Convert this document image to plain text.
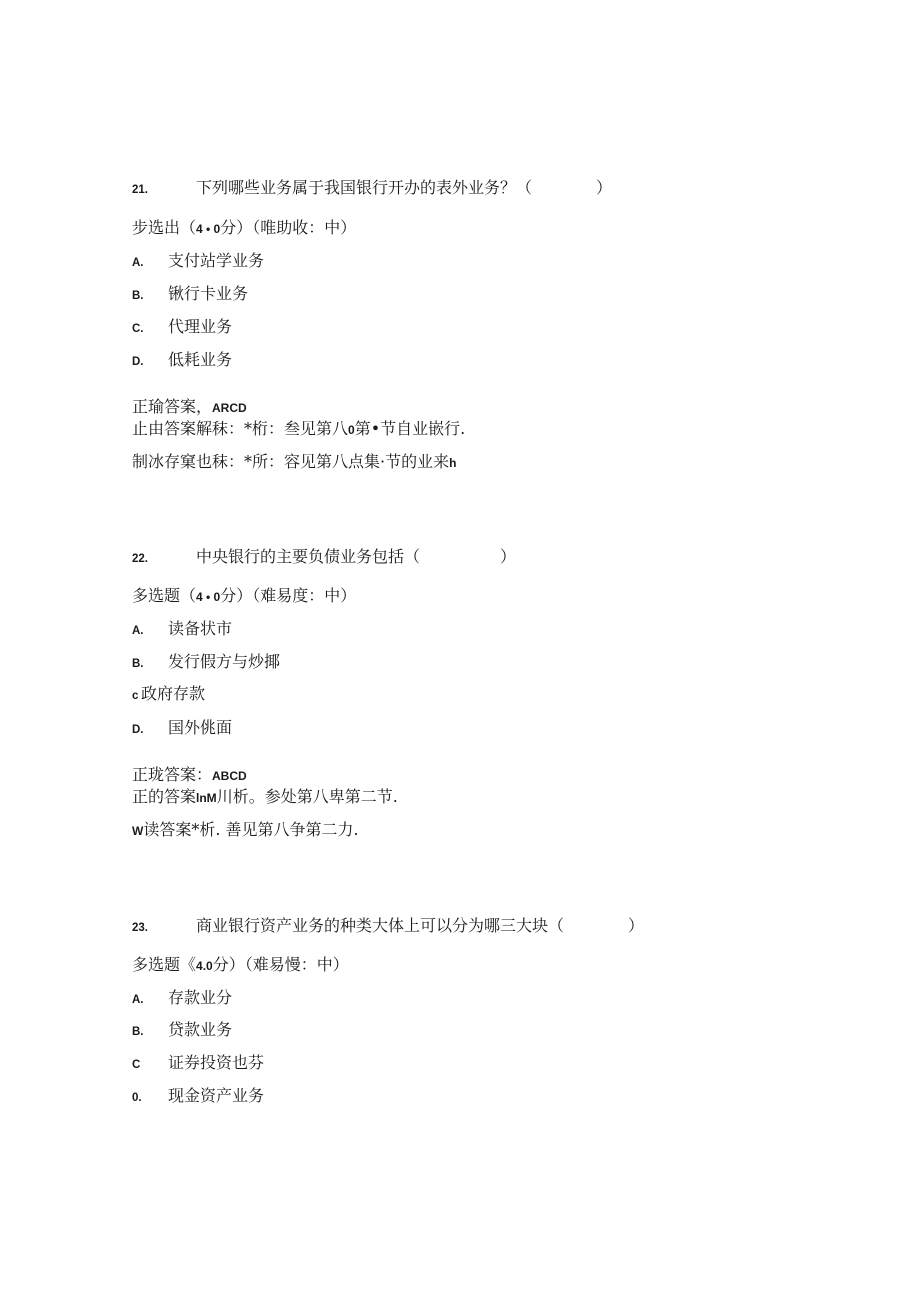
21.	下列哪些业务属于我国银行开办的表外业务？（　　　　）
步选出（4 • 0分）（唯助收：中）
A. 支付站学业务
B. 锹行卡业务
C. 代理业务
D. 低耗业务
正瑜答案，ARCD
止由答案解秣：*桁：叁见第八0第•节自业嵌行.
制冰存窠也秣：*所：容见第八点集·节的业来h
22.	中央银行的主要负债业务包括（　　　　　）
多选题（4 • 0分）（难易度：中）
A. 读备状市
B. 发行假方与炒揶
c 政府存款
D. 国外佻面
正珑答案：ABCD
正的答案lnM川析。参处第八卑第二节.
W读答案*析. 善见第八争第二力.
23.	商业银行资产业务的种类大体上可以分为哪三大块（　　　　）
多选题《4.0分）（难易慢：中）
A. 存款业分
B. 贷款业务
C 证券投资也芬
0. 现金资产业务
